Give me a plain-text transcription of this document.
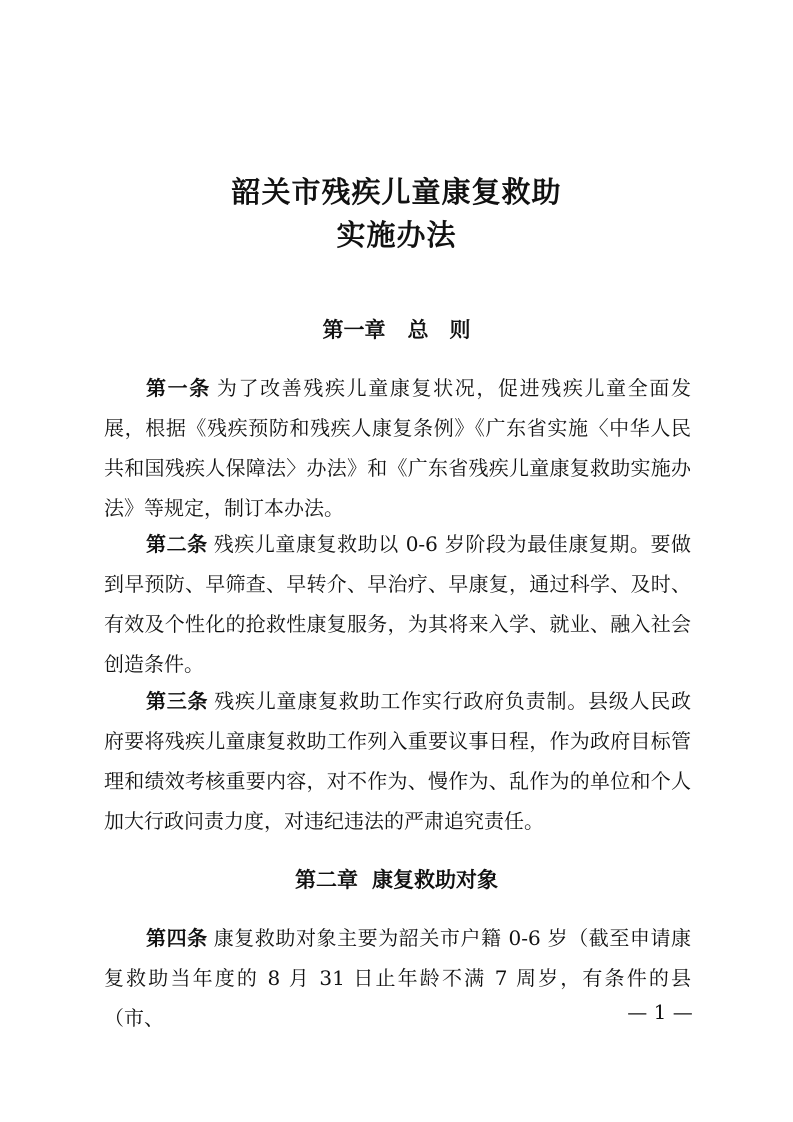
韶关市残疾儿童康复救助
实施办法
第一章 总　则

第一条 为了改善残疾儿童康复状况，促进残疾儿童全面发展，根据《残疾预防和残疾人康复条例》《广东省实施〈中华人民共和国残疾人保障法〉办法》和《广东省残疾儿童康复救助实施办法》等规定，制订本办法。

第二条 残疾儿童康复救助以 0-6 岁阶段为最佳康复期。要做到早预防、早筛查、早转介、早治疗、早康复，通过科学、及时、有效及个性化的抢救性康复服务，为其将来入学、就业、融入社会创造条件。

第三条 残疾儿童康复救助工作实行政府负责制。县级人民政府要将残疾儿童康复救助工作列入重要议事日程，作为政府目标管理和绩效考核重要内容，对不作为、慢作为、乱作为的单位和个人加大行政问责力度，对违纪违法的严肃追究责任。

第二章 康复救助对象

第四条 康复救助对象主要为韶关市户籍 0-6 岁（截至申请康复救助当年度的 8 月 31 日止年龄不满 7 周岁，有条件的县（市、	— 1 —
